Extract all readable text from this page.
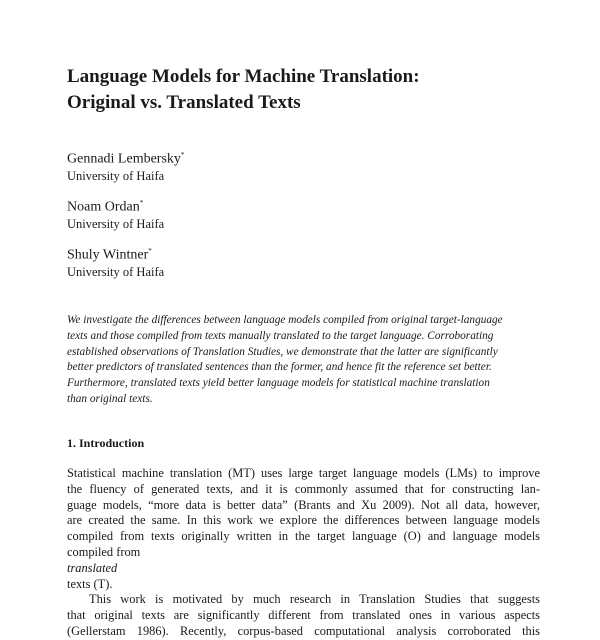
Language Models for Machine Translation:
Original vs. Translated Texts
Gennadi Lembersky*
University of Haifa
Noam Ordan*
University of Haifa
Shuly Wintner*
University of Haifa

We investigate the differences between language models compiled from original target-language
texts and those compiled from texts manually translated to the target language. Corroborating
established observations of Translation Studies, we demonstrate that the latter are significantly
better predictors of translated sentences than the former, and hence fit the reference set better.
Furthermore, translated texts yield better language models for statistical machine translation
than original texts.

1. Introduction

Statistical machine translation (MT) uses large target language models (LMs) to improve
the fluency of generated texts, and it is commonly assumed that for constructing lan-
guage models, “more data is better data” (Brants and Xu 2009). Not all data, however,
are created the same. In this work we explore the differences between language models
compiled from texts originally written in the target language (O) and language models
compiled from
translated
texts (T).
This work is motivated by much research in Translation Studies that suggests
that original texts are significantly different from translated ones in various aspects
(Gellerstam 1986). Recently, corpus-based computational analysis corroborated this
